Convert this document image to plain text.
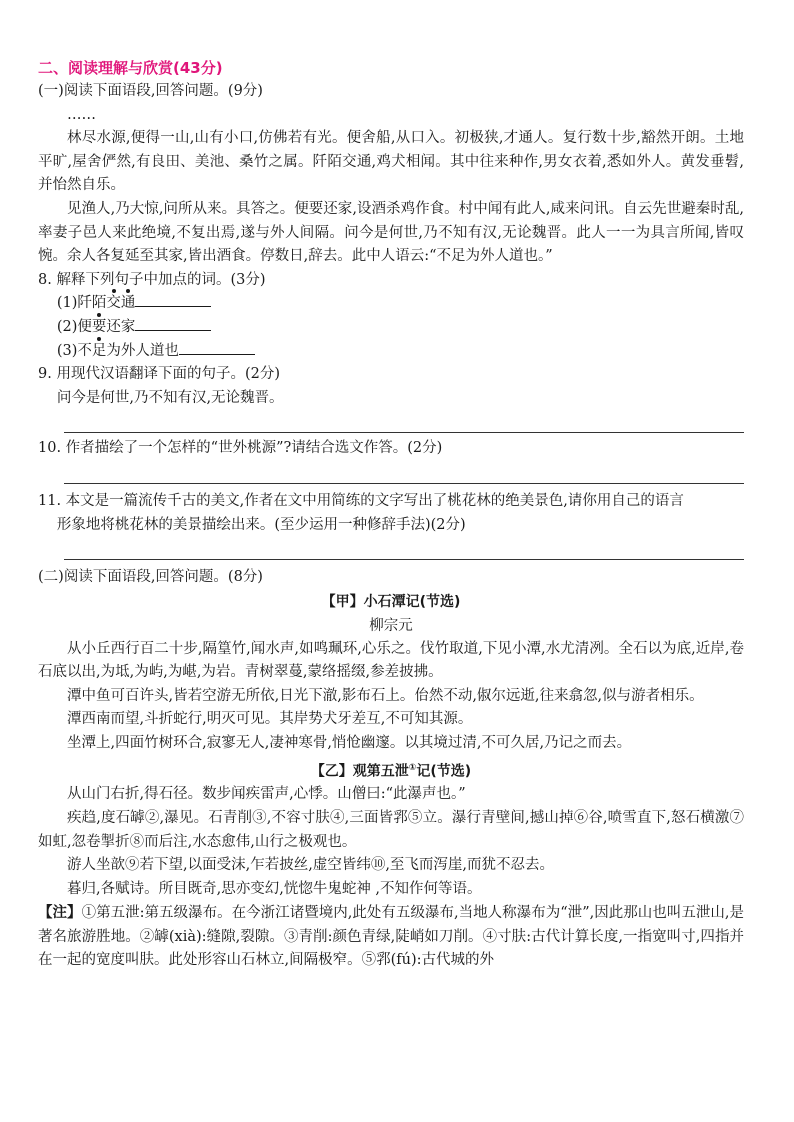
二、阅读理解与欣赏(43分)
(一)阅读下面语段,回答问题。(9分)
……
林尽水源,便得一山,山有小口,仿佛若有光。便舍船,从口入。初极狭,才通人。复行数十步,豁然开朗。土地平旷,屋舍俨然,有良田、美池、桑竹之属。阡陌交通,鸡犬相闻。其中往来种作,男女衣着,悉如外人。黄发垂髫,并怡然自乐。
见渔人,乃大惊,问所从来。具答之。便要还家,设酒杀鸡作食。村中闻有此人,咸来问讯。自云先世避秦时乱,率妻子邑人来此绝境,不复出焉,遂与外人间隔。问今是何世,乃不知有汉,无论魏晋。此人一一为具言所闻,皆叹惋。余人各复延至其家,皆出酒食。停数日,辞去。此中人语云:“不足为外人道也。”
8. 解释下列句子中加点的词。(3分)
(1)阡陌交通
(2)便要还家
(3)不足为外人道也
9. 用现代汉语翻译下面的句子。(2分)
问今是何世,乃不知有汉,无论魏晋。
10. 作者描绘了一个怎样的“世外桃源”?请结合选文作答。(2分)
11. 本文是一篇流传千古的美文,作者在文中用简练的文字写出了桃花林的绝美景色,请你用自己的语言
形象地将桃花林的美景描绘出来。(至少运用一种修辞手法)(2分)
(二)阅读下面语段,回答问题。(8分)
【甲】小石潭记(节选)
柳宗元
从小丘西行百二十步,隔篁竹,闻水声,如鸣珮环,心乐之。伐竹取道,下见小潭,水尤清冽。全石以为底,近岸,卷石底以出,为坻,为屿,为嵁,为岩。青树翠蔓,蒙络摇缀,参差披拂。
潭中鱼可百许头,皆若空游无所依,日光下澈,影布石上。佁然不动,俶尔远逝,往来翕忽,似与游者相乐。
潭西南而望,斗折蛇行,明灭可见。其岸势犬牙差互,不可知其源。
坐潭上,四面竹树环合,寂寥无人,凄神寒骨,悄怆幽邃。以其境过清,不可久居,乃记之而去。
【乙】观第五泄①记(节选)
从山门右折,得石径。数步闻疾雷声,心悸。山僧曰:“此瀑声也。”
疾趋,度石罅②,瀑见。石青削③,不容寸肤④,三面皆郛⑤立。瀑行青壁间,撼山掉⑥谷,喷雪直下,怒石横激⑦如虹,忽卷掣折⑧而后注,水态愈伟,山行之极观也。
游人坐歆⑨若下望,以面受沫,乍若披丝,虚空皆纬⑩,至飞而泻崖,而犹不忍去。
暮归,各赋诗。所目既奇,思亦变幻,恍惚牛鬼蛇神 ,不知作何等语。
【注】①第五泄:第五级瀑布。在今浙江诸暨境内,此处有五级瀑布,当地人称瀑布为“泄”,因此那山也叫五泄山,是著名旅游胜地。②罅(xià):缝隙,裂隙。③青削:颜色青绿,陡峭如刀削。④寸肤:古代计算长度,一指宽叫寸,四指并在一起的宽度叫肤。此处形容山石林立,间隔极窄。⑤郛(fú):古代城的外
